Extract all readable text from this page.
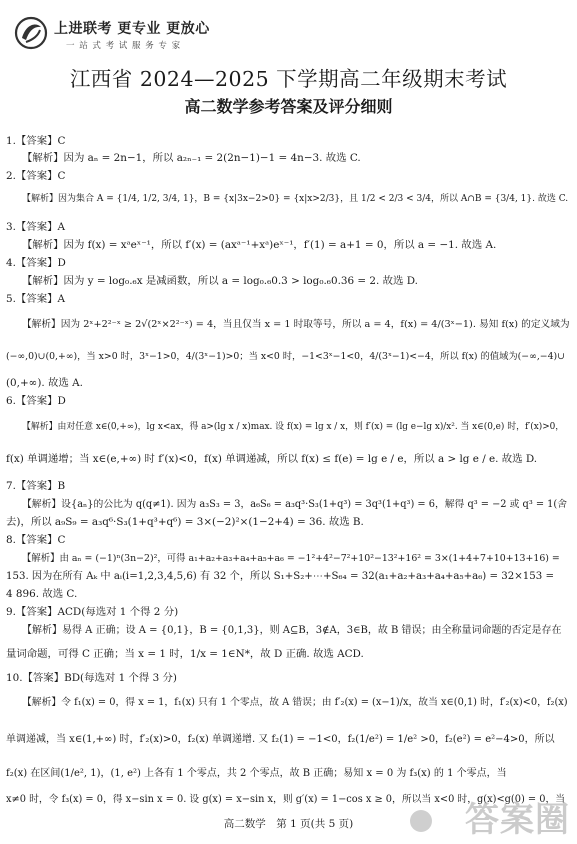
上进联考 更专业 更放心
一 站 式 考 试 服 务 专 家
江西省 2024—2025 下学期高二年级期末考试
高二数学参考答案及评分细则
1.【答案】C
【解析】因为 aₙ = 2n−1，所以 a₂ₙ₋₁ = 2(2n−1)−1 = 4n−3. 故选 C.
2.【答案】C
【解析】因为集合 A = {1/4, 1/2, 3/4, 1}，B = {x|3x−2>0} = {x|x>2/3}，且 1/2 < 2/3 < 3/4，所以 A∩B = {3/4, 1}. 故选 C.
3.【答案】A
【解析】因为 f(x) = xᵃeˣ⁻¹，所以 f′(x) = (axᵃ⁻¹+xᵃ)eˣ⁻¹，f′(1) = a+1 = 0，所以 a = −1. 故选 A.
4.【答案】D
【解析】因为 y = log₀.₆x 是减函数，所以 a = log₀.₆0.3 > log₀.₆0.36 = 2. 故选 D.
5.【答案】A
【解析】因为 2ˣ+2²⁻ˣ ≥ 2√(2ˣ×2²⁻ˣ) = 4，当且仅当 x = 1 时取等号，所以 a = 4，f(x) = 4/(3ˣ−1). 易知 f(x) 的定义域为
(−∞,0)∪(0,+∞)，当 x>0 时，3ˣ−1>0，4/(3ˣ−1)>0；当 x<0 时，−1<3ˣ−1<0，4/(3ˣ−1)<−4，所以 f(x) 的值域为(−∞,−4)∪
(0,+∞). 故选 A.
6.【答案】D
【解析】由对任意 x∈(0,+∞)，lg x<ax，得 a>(lg x / x)max. 设 f(x) = lg x / x，则 f′(x) = (lg e−lg x)/x². 当 x∈(0,e) 时，f′(x)>0，
f(x) 单调递增；当 x∈(e,+∞) 时 f′(x)<0，f(x) 单调递减，所以 f(x) ≤ f(e) = lg e / e，所以 a > lg e / e. 故选 D.
7.【答案】B
【解析】设{aₙ}的公比为 q(q≠1). 因为 a₃S₃ = 3，a₆S₆ = a₃q³·S₃(1+q³) = 3q³(1+q³) = 6，解得 q³ = −2 或 q³ = 1(舍
去)，所以 a₉S₉ = a₃q⁶·S₃(1+q³+q⁶) = 3×(−2)²×(1−2+4) = 36. 故选 B.
8.【答案】C
【解析】由 aₙ = (−1)ⁿ(3n−2)²，可得 a₁+a₂+a₃+a₄+a₅+a₆ = −1²+4²−7²+10²−13²+16² = 3×(1+4+7+10+13+16) =
153. 因为在所有 Aₖ 中 aᵢ(i=1,2,3,4,5,6) 有 32 个，所以 S₁+S₂+⋯+S₆₄ = 32(a₁+a₂+a₃+a₄+a₅+a₆) = 32×153 =
4 896. 故选 C.
9.【答案】ACD(每选对 1 个得 2 分)
【解析】易得 A 正确；设 A = {0,1}，B = {0,1,3}，则 A⊆B，3∉A，3∈B，故 B 错误；由全称量词命题的否定是存在
量词命题，可得 C 正确；当 x = 1 时，1/x = 1∈N*，故 D 正确. 故选 ACD.
10.【答案】BD(每选对 1 个得 3 分)
【解析】令 f₁(x) = 0，得 x = 1，f₁(x) 只有 1 个零点，故 A 错误；由 f′₂(x) = (x−1)/x，故当 x∈(0,1) 时，f′₂(x)<0，f₂(x)
单调递减，当 x∈(1,+∞) 时，f′₂(x)>0，f₂(x) 单调递增. 又 f₂(1) = −1<0，f₂(1/e²) = 1/e² >0，f₂(e²) = e²−4>0，所以
f₂(x) 在区间(1/e², 1)，(1, e²) 上各有 1 个零点，共 2 个零点，故 B 正确；易知 x = 0 为 f₃(x) 的 1 个零点，当
x≠0 时，令 f₃(x) = 0，得 x−sin x = 0. 设 g(x) = x−sin x，则 g′(x) = 1−cos x ≥ 0，所以当 x<0 时，g(x)<g(0) = 0，当
答案圈
高二数学　第 1 页(共 5 页)
